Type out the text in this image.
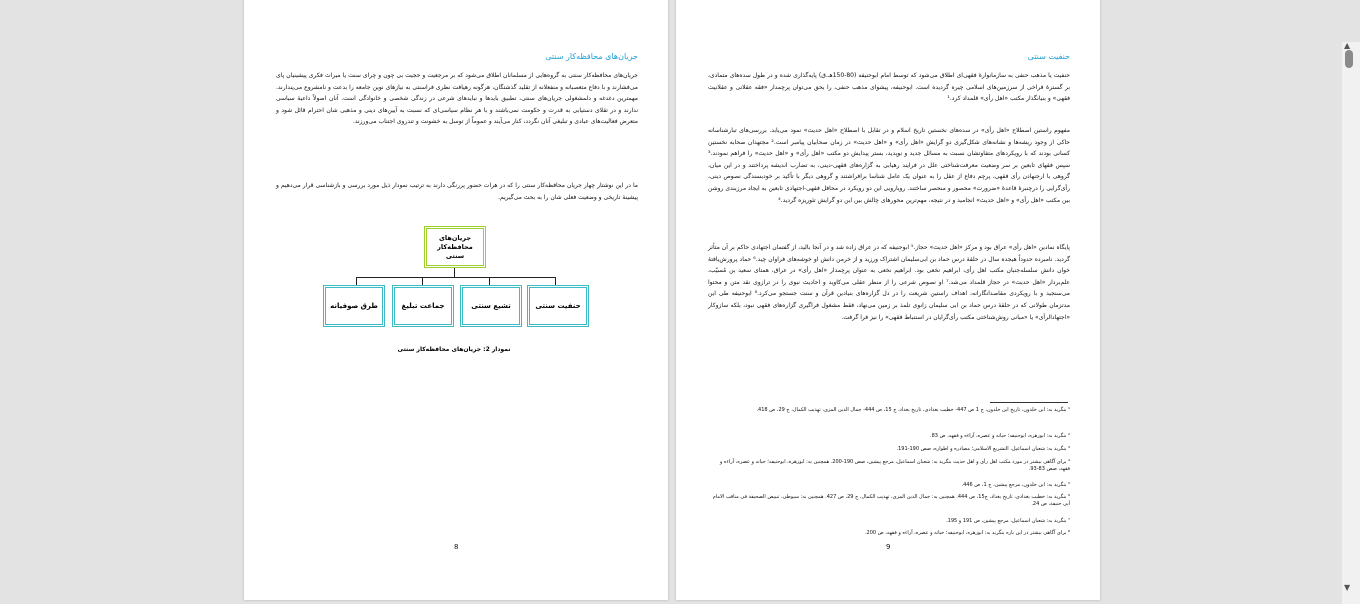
جریان‌های محافظه‌کار سنتی

جریان‌های محافظه‌کار سنتی به گروه‌هایی از مسلمانان اطلاق می‌شود که بر مرجعیت و حجیت بی چون و چرای سنت یا میراث فکری پیشینیان پای می‌فشارند و با دفاع متعصبانه و منفعلانه از تقلید گذشتگان، هرگونه رهیافت نظری فراسنتی به نیازهای نوین جامعه را بدعت و نامشروع می‌پندارند. مهمترین دغدغه و دلمشغولی جریان‌های سنتی، تطبیق بایدها و نبایدهای شرعی در زندگی شخصی و خانوادگی است. آنان اصولاً داعیهٔ سیاسی ندارند و در تقلای دستیابی به قدرت و حکومت نمی‌باشند و با هر نظام سیاسی‌ای که نسبت به آیین‌های دینی و مذهبی شان احترام قائل شود و متعرض فعالیت‌های عبادی و تبلیغی آنان نگردد، کنار می‌آیند و عموماً از توسل به خشونت و تندروی اجتناب می‌ورزند.

ما در این نوشتار چهار جریان محافظه‌کار سنتی را که در هرات حضور پررنگی دارند به ترتیب نمودار ذیل مورد بررسی و بازشناسی قرار می‌دهیم و پیشینهٔ تاریخی و وضعیت فعلی شان را به بحث می‌گیریم.

جریان‌های محافظه‌کار سنتی
حنفیت سنتی
تشیع سنتی
جماعت تبلیغ
طرق صوفیانه
نمودار 2: جریان‌های محافظه‌کار سنتی
8
حنفیت سنتی

حنفیت یا مذهب حنفی به سازمانوارهٔ فقهی‌ای اطلاق می‌شود که توسط امام ابوحنیفه (80-150هـ.ق) پایه‌گذاری شده و در طول سده‌های متمادی، بر گسترهٔ فراخی از سرزمین‌های اسلامی چیره گردیده است. ابوحنیفه، پیشوای مذهب حنفی، را بحق می‌توان پرچمدار «فقه عقلانی و عقلانیت فقهی» و بنیانگذار مکتب «اهل رأی» قلمداد کرد.¹

مفهوم راستین اصطلاح «اهل رأی» در سده‌های نخستین تاریخ اسلام و در تقابل با اصطلاح «اهل حدیث» نمود می‌یابد. بررسی‌های تبارشناسانه حاکی از وجود ریشه‌ها و نشانه‌های شکل‌گیری دو گرایش «اهل رأی» و «اهل حدیث» در زمان صحابیان پیامبر است.² مجتهدان صحابه نخستین کسانی بودند که با رویکردهای متفاوتشان نسبت به مسائل جدید و نوپدید، بستر پیدایش دو مکتب «اهل رأی» و «اهل حدیث» را فراهم نمودند.³ سپس فقهای تابعین بر سر وضعیت معرفت‌شناختی علل در فرایند رهیابی به گزاره‌های فقهی-دینی، به تضارب اندیشه پرداختند و در این میان، گروهی با ارجنهادن رأی فقهی، پرچم دفاع از عقل را به عنوان یک عامل شناسا برافراشتند و گروهی دیگر با تأکید بر خودبسندگی نصوص دینی، رأی‌گرایی را درچنبرهٔ قاعدهٔ «ضرورت» محصور و منحصر ساختند. رویارویی این دو رویکرد در محافل فقهی-اجتهادی تابعین به ایجاد مرزبندی روشن بین مکتب «اهل رأی» و «اهل حدیث» انجامید و در نتیجه، مهم‌ترین محورهای چالش بین این دو گرایش تئوریزه گردید.⁴

پایگاه نمادین «اهل رأی» عراق بود و مرکز «اهل حدیث» حجاز.⁵ ابوحنیفه که در عراق زاده شد و در آنجا بالید، از گفتمان اجتهادی حاکم بر آن متأثر گردید. نامبرده حدوداً هیجده سال در حلقهٔ درس حماد بن ابی‌سلیمان اشتراک ورزید و از خرمن دانش او خوشه‌های فراوان چید.⁶ حماد پرورش‌یافتهٔ خوان دانش سلسله‌جنبان مکتب اهل رأی، ابراهیم نخعی بود. ابراهیم نخعی به عنوان پرچمدار «اهل رأی» در عراق، همتای سعید بن مُسیّب، علم‌بردار «اهل حدیث» در حجاز قلمداد می‌شد.⁷ او نصوص شرعی را از منظر عقلی می‌کاوید و احادیث نبوی را در ترازوی نقد متن و محتوا می‌سنجید و با رویکردی مقاصدانگارانه، اهداف راستین شریعت را در دل گزاره‌های بنیادین قرآن و سنت جستجو می‌کرد.⁸ ابوحنیفه طی این مدتزمان طولانی که در حلقهٔ درس حماد بن ابی سلیمان زانوی تلمذ بر زمین می‌نهاد، فقط مشغول فراگیری گزاره‌های فقهی نبود، بلکه سازوکار «اجتهادالرأی» یا «مبانی روش‌شناختی مکتب رأی‌گرایان در استنباط فقهی» را نیز فرا گرفت.

¹ بنگرید به: ابن خلدون، تاریخ ابن خلدون، ج 1 ص 447- خطیب بغدادی، تاریخ بغداد، ج 15، ص 444- جمال الدین المزی، تهذیب الکمال، ج 29، ص 418.

² بنگرید به: ابوزهره، ابوحنیفه؛ حیاته و عصره، آراءه و فقهه، ص 83.

³ بنگرید به: شعبان اسماعیل، التشریع الاسلامی؛ مصادره و اطواره، صص 190-191.

⁴ برای آگاهی بیشتر در مورد مکتب اهل رأی و اهل حدیث بنگرید به: شعبان اسماعیل، مرجع پیشین، صص 190-200. همچنین به: ابوزهره، ابوحنیفه؛ حیاته و عصره، آراءه و فقهه، صص 83-93.

⁵ بنگرید به: ابن خلدون، مرجع پیشین، ج 1، ص 446.

⁶ بنگرید به: خطیب بغدادی، تاریخ بغداد، ج15، ص 444. همچنین به: جمال الدین المزی، تهذیب الکمال، ج 29، ص 427. همچنین به: سیوطی، تبییض الصحیفة فی مناقب الامام أبی حنیفة، ص 24.

⁷ بنگرید به: شعبان اسماعیل، مرجع پیشین، ص 191 و 195.

⁸ برای آگاهی بیشتر در این باره بنگرید به: ابوزهره، ابوحنیفه؛ حیاته و عصره، آراءه و فقهه، ص 200.

9
▲
▼
